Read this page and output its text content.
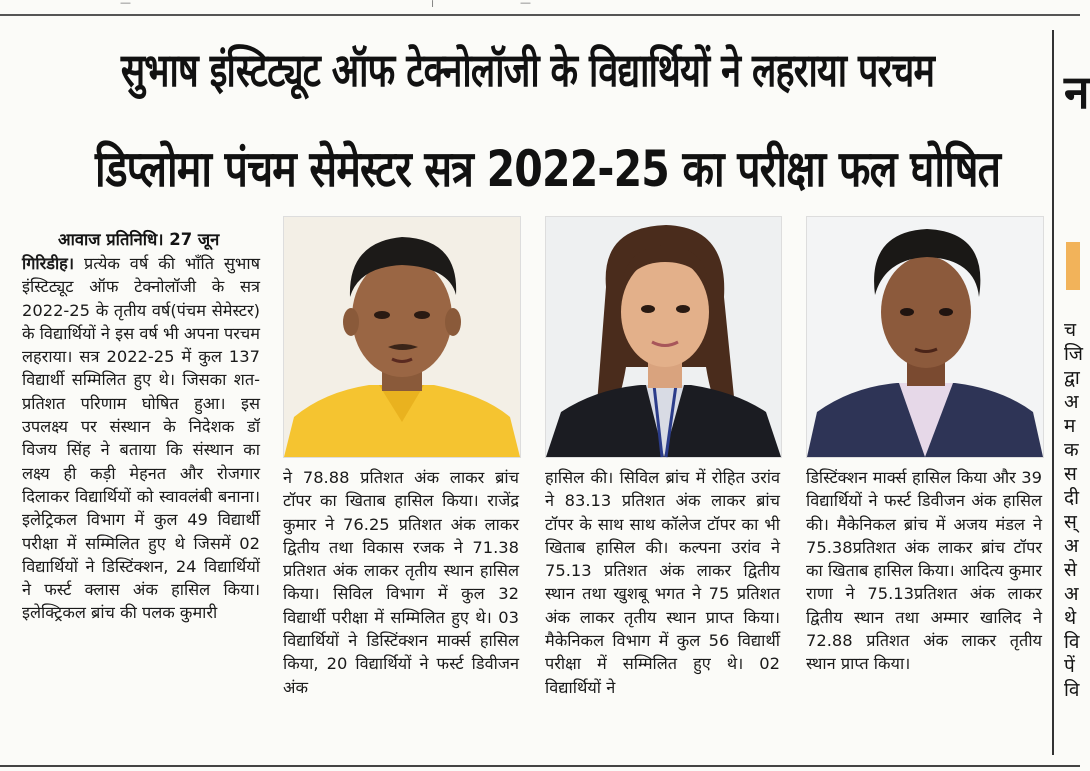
—	।	—
सुभाष इंस्टिट्यूट ऑफ टेक्नोलॉजी के विद्यार्थियों ने लहराया परचम
डिप्लोमा पंचम सेमेस्टर सत्र 2022-25 का परीक्षा फल घोषित
आवाज प्रतिनिधि। 27 जून

गिरिडीह। प्रत्येक वर्ष की भाँति सुभाष इंस्टिट्यूट ऑफ टेक्नोलॉजी के सत्र 2022-25 के तृतीय वर्ष(पंचम सेमेस्टर) के विद्यार्थियों ने इस वर्ष भी अपना परचम लहराया। सत्र 2022-25 में कुल 137 विद्यार्थी सम्मिलित हुए थे। जिसका शत-प्रतिशत परिणाम घोषित हुआ। इस उपलक्ष्य पर संस्थान के निदेशक डॉ विजय सिंह ने बताया कि संस्थान का लक्ष्य ही कड़ी मेहनत और रोजगार दिलाकर विद्यार्थियों को स्वावलंबी बनाना। इलेट्रिकल विभाग में कुल 49 विद्यार्थी परीक्षा में सम्मिलित हुए थे जिसमें 02 विद्यार्थियों ने डिस्टिंक्शन, 24 विद्यार्थियों ने फर्स्ट क्लास अंक हासिल किया। इलेक्ट्रिकल ब्रांच की पलक कुमारी

ने 78.88 प्रतिशत अंक लाकर ब्रांच टॉपर का खिताब हासिल किया। राजेंद्र कुमार ने 76.25 प्रतिशत अंक लाकर द्वितीय तथा विकास रजक ने 71.38 प्रतिशत अंक लाकर तृतीय स्थान हासिल किया। सिविल विभाग में कुल 32 विद्यार्थी परीक्षा में सम्मिलित हुए थे। 03 विद्यार्थियों ने डिस्टिंक्शन मार्क्स हासिल किया, 20 विद्यार्थियों ने फर्स्ट डिवीजन अंक
हासिल की। सिविल ब्रांच में रोहित उरांव ने 83.13 प्रतिशत अंक लाकर ब्रांच टॉपर के साथ साथ कॉलेज टॉपर का भी खिताब हासिल की। कल्पना उरांव ने 75.13 प्रतिशत अंक लाकर द्वितीय स्थान तथा खुशबू भगत ने 75 प्रतिशत अंक लाकर तृतीय स्थान प्राप्त किया। मैकेनिकल विभाग में कुल 56 विद्यार्थी परीक्षा में सम्मिलित हुए थे। 02 विद्यार्थियों ने
डिस्टिंक्शन मार्क्स हासिल किया और 39 विद्यार्थियों ने फर्स्ट डिवीजन अंक हासिल की। मैकेनिकल ब्रांच में अजय मंडल ने 75.38प्रतिशत अंक लाकर ब्रांच टॉपर का खिताब हासिल किया। आदित्य कुमार राणा ने 75.13प्रतिशत अंक लाकर द्वितीय स्थान तथा अम्मार खालिद ने 72.88 प्रतिशत अंक लाकर तृतीय स्थान प्राप्त किया।
न
च
जि
द्वा
अ
म
क
स
दी
स्
अ
से
अ
थे
वि
पें
वि
